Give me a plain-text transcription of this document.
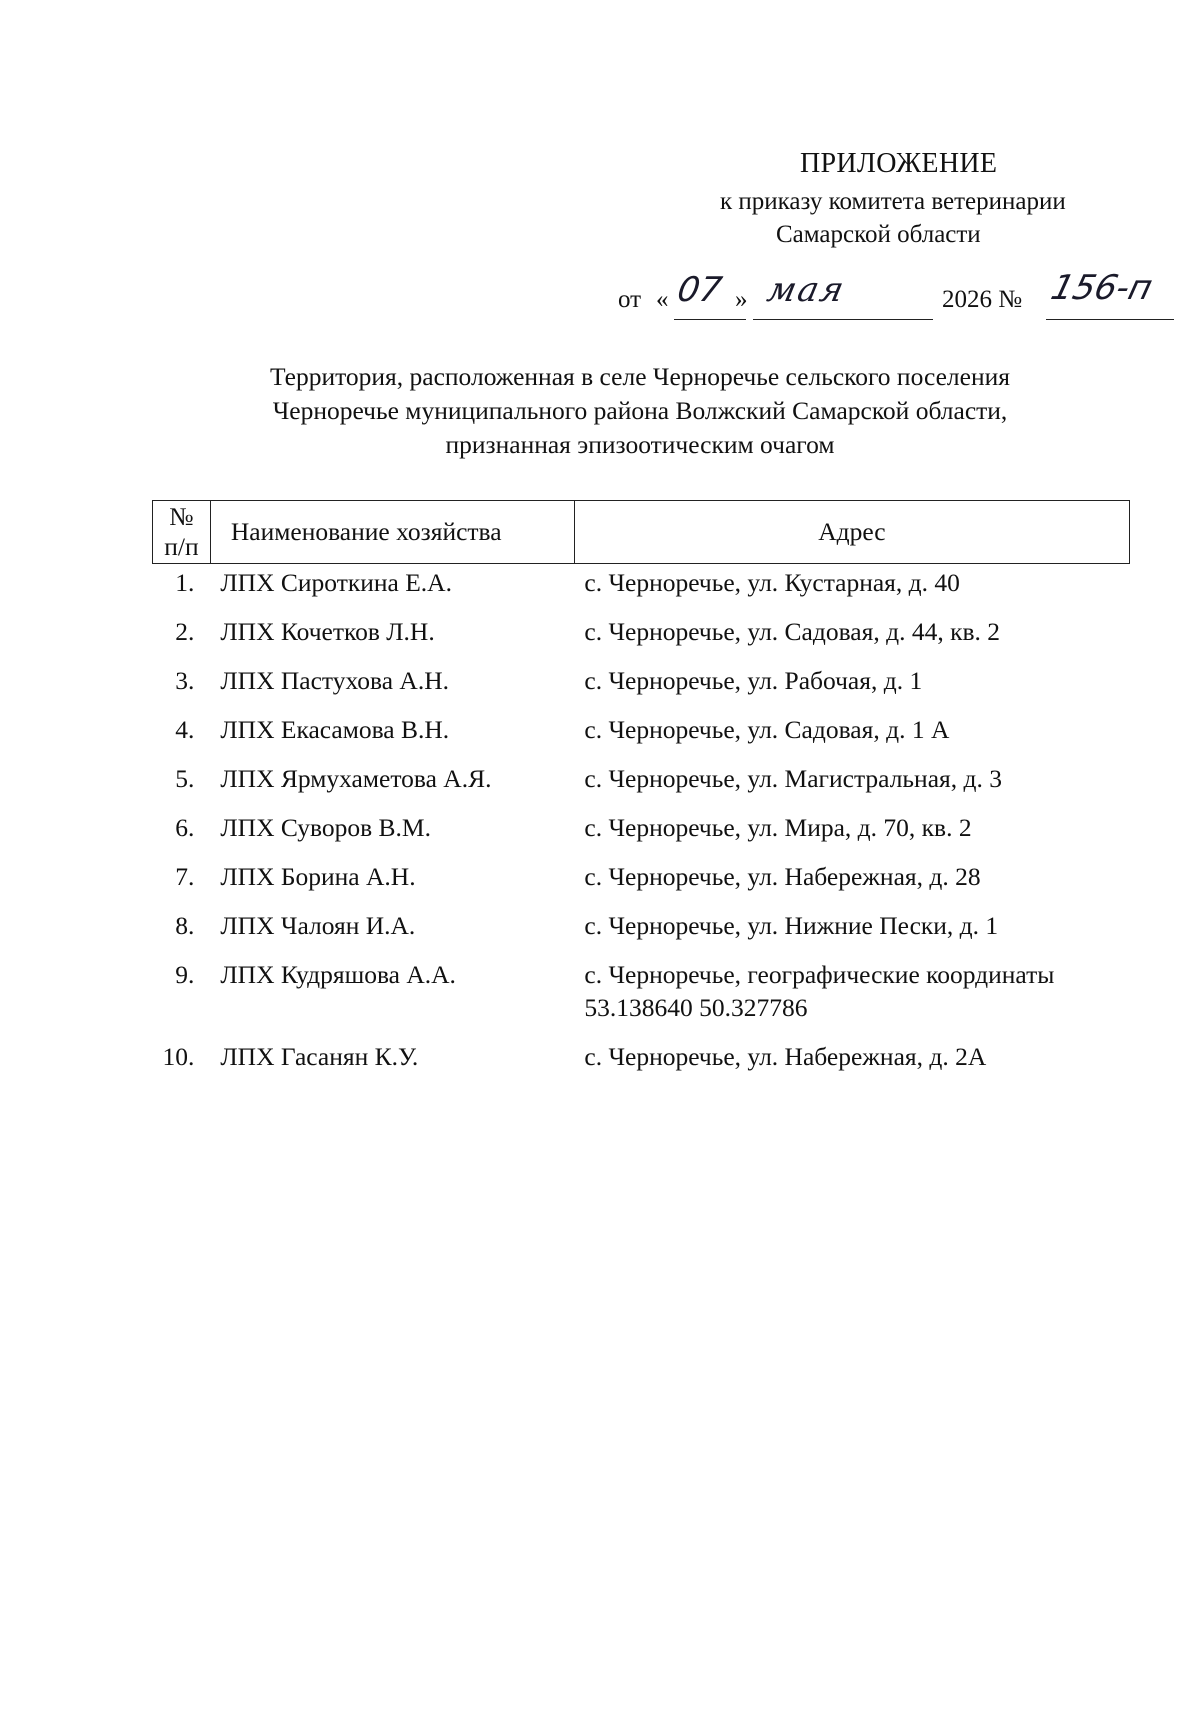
ПРИЛОЖЕНИЕ
к приказу комитета ветеринарии
Самарской области
от « 07 » мая	2026 № 156-п
Территория, расположенная в селе Черноречье сельского поселения
Черноречье муниципального района Волжский Самарской области,
признанная эпизоотическим очагом
№
п/п	Наименование хозяйства	Адрес
1.	ЛПХ Сироткина Е.А.	с. Черноречье, ул. Кустарная, д. 40
2.	ЛПХ Кочетков Л.Н.	с. Черноречье, ул. Садовая, д. 44, кв. 2
3.	ЛПХ Пастухова А.Н.	с. Черноречье, ул. Рабочая, д. 1
4.	ЛПХ Екасамова В.Н.	с. Черноречье, ул. Садовая, д. 1 А
5.	ЛПХ Ярмухаметова А.Я.	с. Черноречье, ул. Магистральная, д. 3
6.	ЛПХ Суворов В.М.	с. Черноречье, ул. Мира, д. 70, кв. 2
7.	ЛПХ Борина А.Н.	с. Черноречье, ул. Набережная, д. 28
8.	ЛПХ Чалоян И.А.	с. Черноречье, ул. Нижние Пески, д. 1
9.	ЛПХ Кудряшова А.А.	с. Черноречье, географические координаты
53.138640 50.327786

10.	ЛПХ Гасанян К.У.	с. Черноречье, ул. Набережная, д. 2А
